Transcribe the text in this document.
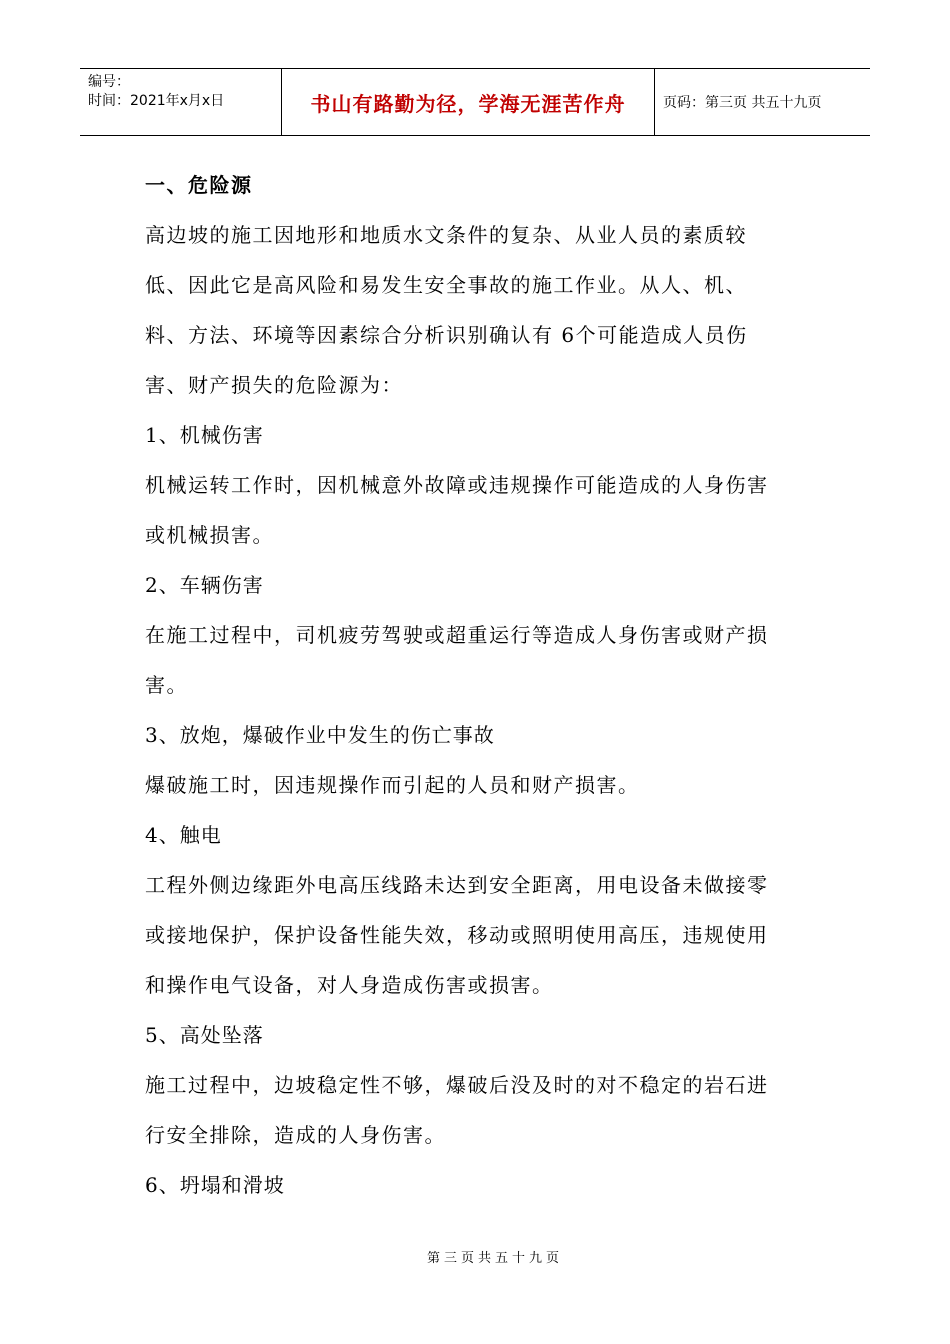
编号：
时间：2021年x月x日	书山有路勤为径，学海无涯苦作舟	页码：第三页 共五十九页
一、危险源
高边坡的施工因地形和地质水文条件的复杂、从业人员的素质较
低、因此它是高风险和易发生安全事故的施工作业。从人、机、
料、方法、环境等因素综合分析识别确认有 6个可能造成人员伤
害、财产损失的危险源为：
1、机械伤害
机械运转工作时，因机械意外故障或违规操作可能造成的人身伤害
或机械损害。
2、车辆伤害
在施工过程中，司机疲劳驾驶或超重运行等造成人身伤害或财产损
害。
3、放炮，爆破作业中发生的伤亡事故
爆破施工时，因违规操作而引起的人员和财产损害。
4、触电
工程外侧边缘距外电高压线路未达到安全距离，用电设备未做接零
或接地保护，保护设备性能失效，移动或照明使用高压，违规使用
和操作电气设备，对人身造成伤害或损害。
5、高处坠落
施工过程中，边坡稳定性不够，爆破后没及时的对不稳定的岩石进
行安全排除，造成的人身伤害。
6、坍塌和滑坡
第三页共五十九页
